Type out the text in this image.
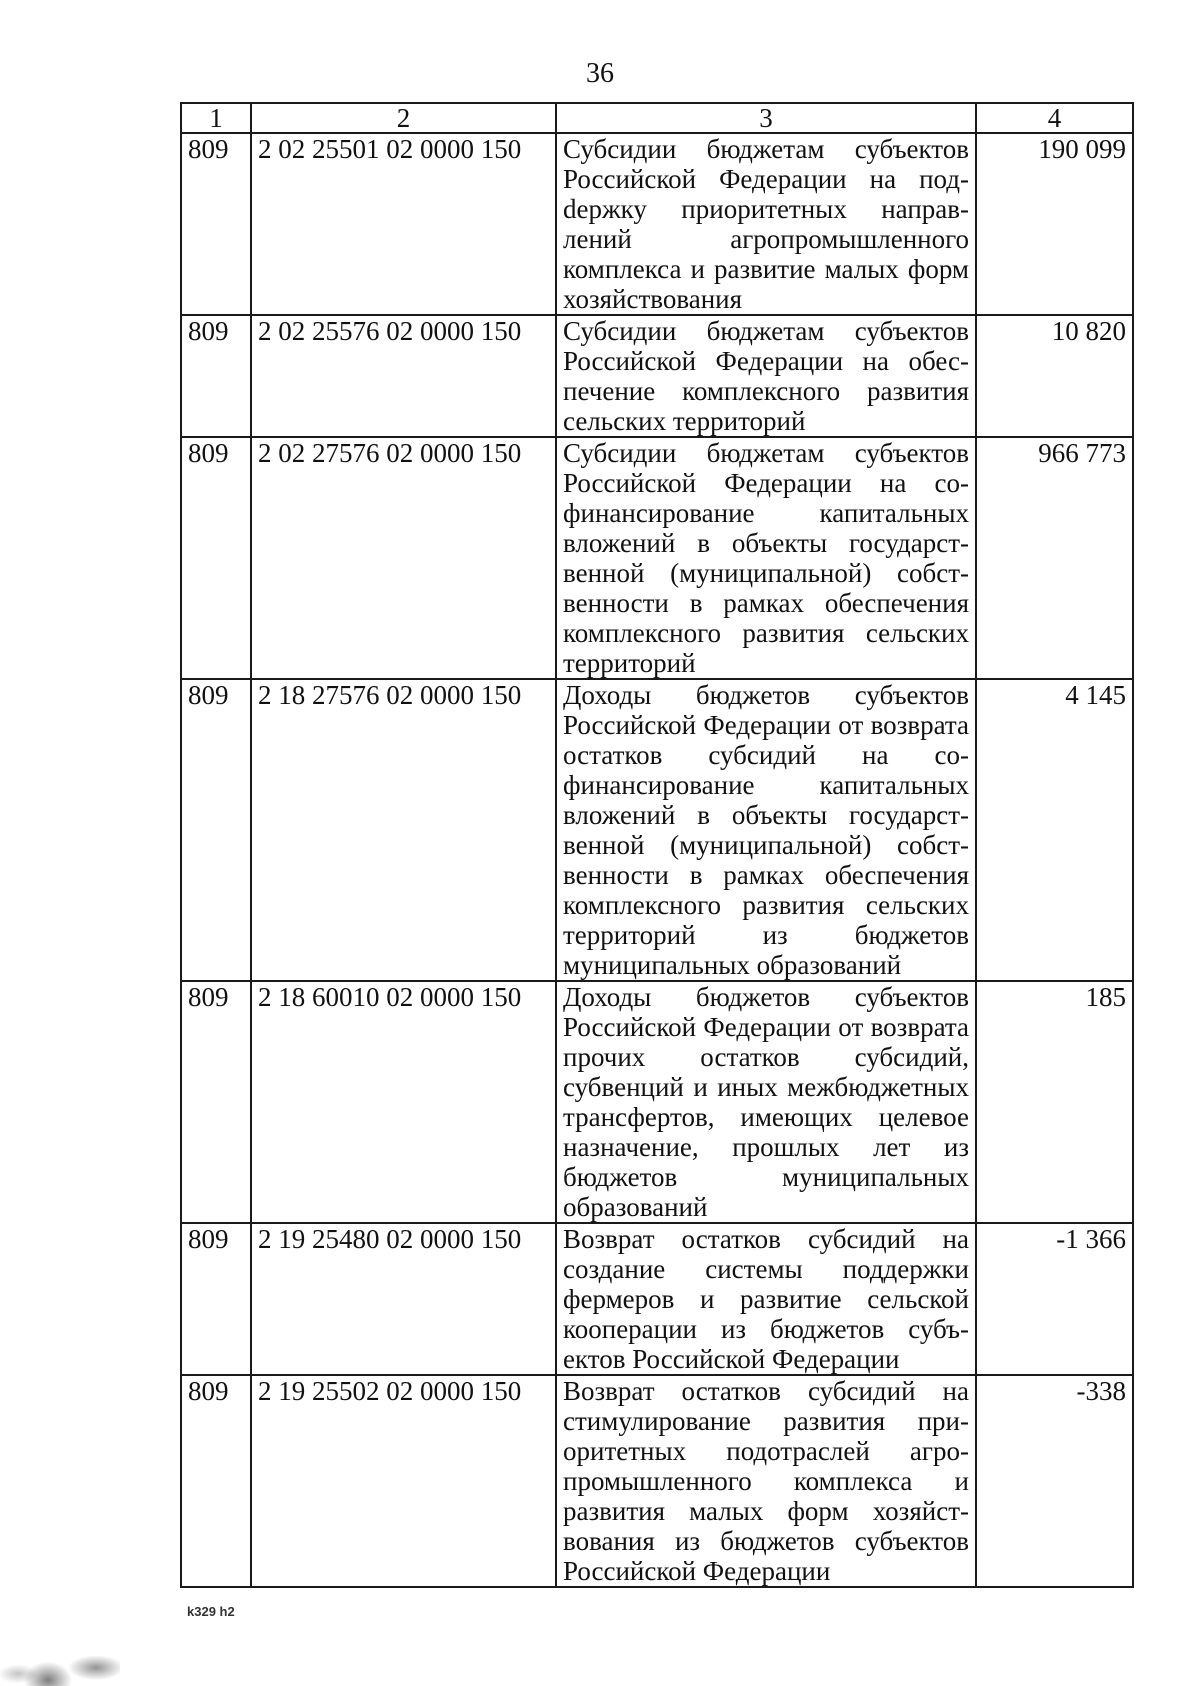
36
1	2	3	4
809	2 02 25501 02 0000 150	Субсидии бюджетам субъектов Российской Федерации на подdержку приоритетных направлений агропромышленного комплекса и развитие малых форм хозяйствования	190 099
809	2 02 25576 02 0000 150	Субсидии бюджетам субъектов Российской Федерации на обеспечение комплексного развития сельских территорий	10 820
809	2 02 27576 02 0000 150	Субсидии бюджетам субъектов Российской Федерации на софинансирование капитальных вложений в объекты государственной (муниципальной) собственности в рамках обеспечения комплексного развития сельских территорий	966 773
809	2 18 27576 02 0000 150	Доходы бюджетов субъектов Российской Федерации от возврата остатков субсидий на софинансирование капитальных вложений в объекты государственной (муниципальной) собственности в рамках обеспечения комплексного развития сельских территорий из бюджетов муниципальных образований	4 145
809	2 18 60010 02 0000 150	Доходы бюджетов субъектов Российской Федерации от возврата прочих остатков субсидий, субвенций и иных межбюджетных трансфертов, имеющих целевое назначение, прошлых лет из бюджетов муниципальных образований	185
809	2 19 25480 02 0000 150	Возврат остатков субсидий на создание системы поддержки фермеров и развитие сельской кооперации из бюджетов субъектов Российской Федерации	-1 366
809	2 19 25502 02 0000 150	Возврат остатков субсидий на стимулирование развития приоритетных подотраслей агропромышленного комплекса и развития малых форм хозяйствования из бюджетов субъектов Российской Федерации	-338
k329 h2
